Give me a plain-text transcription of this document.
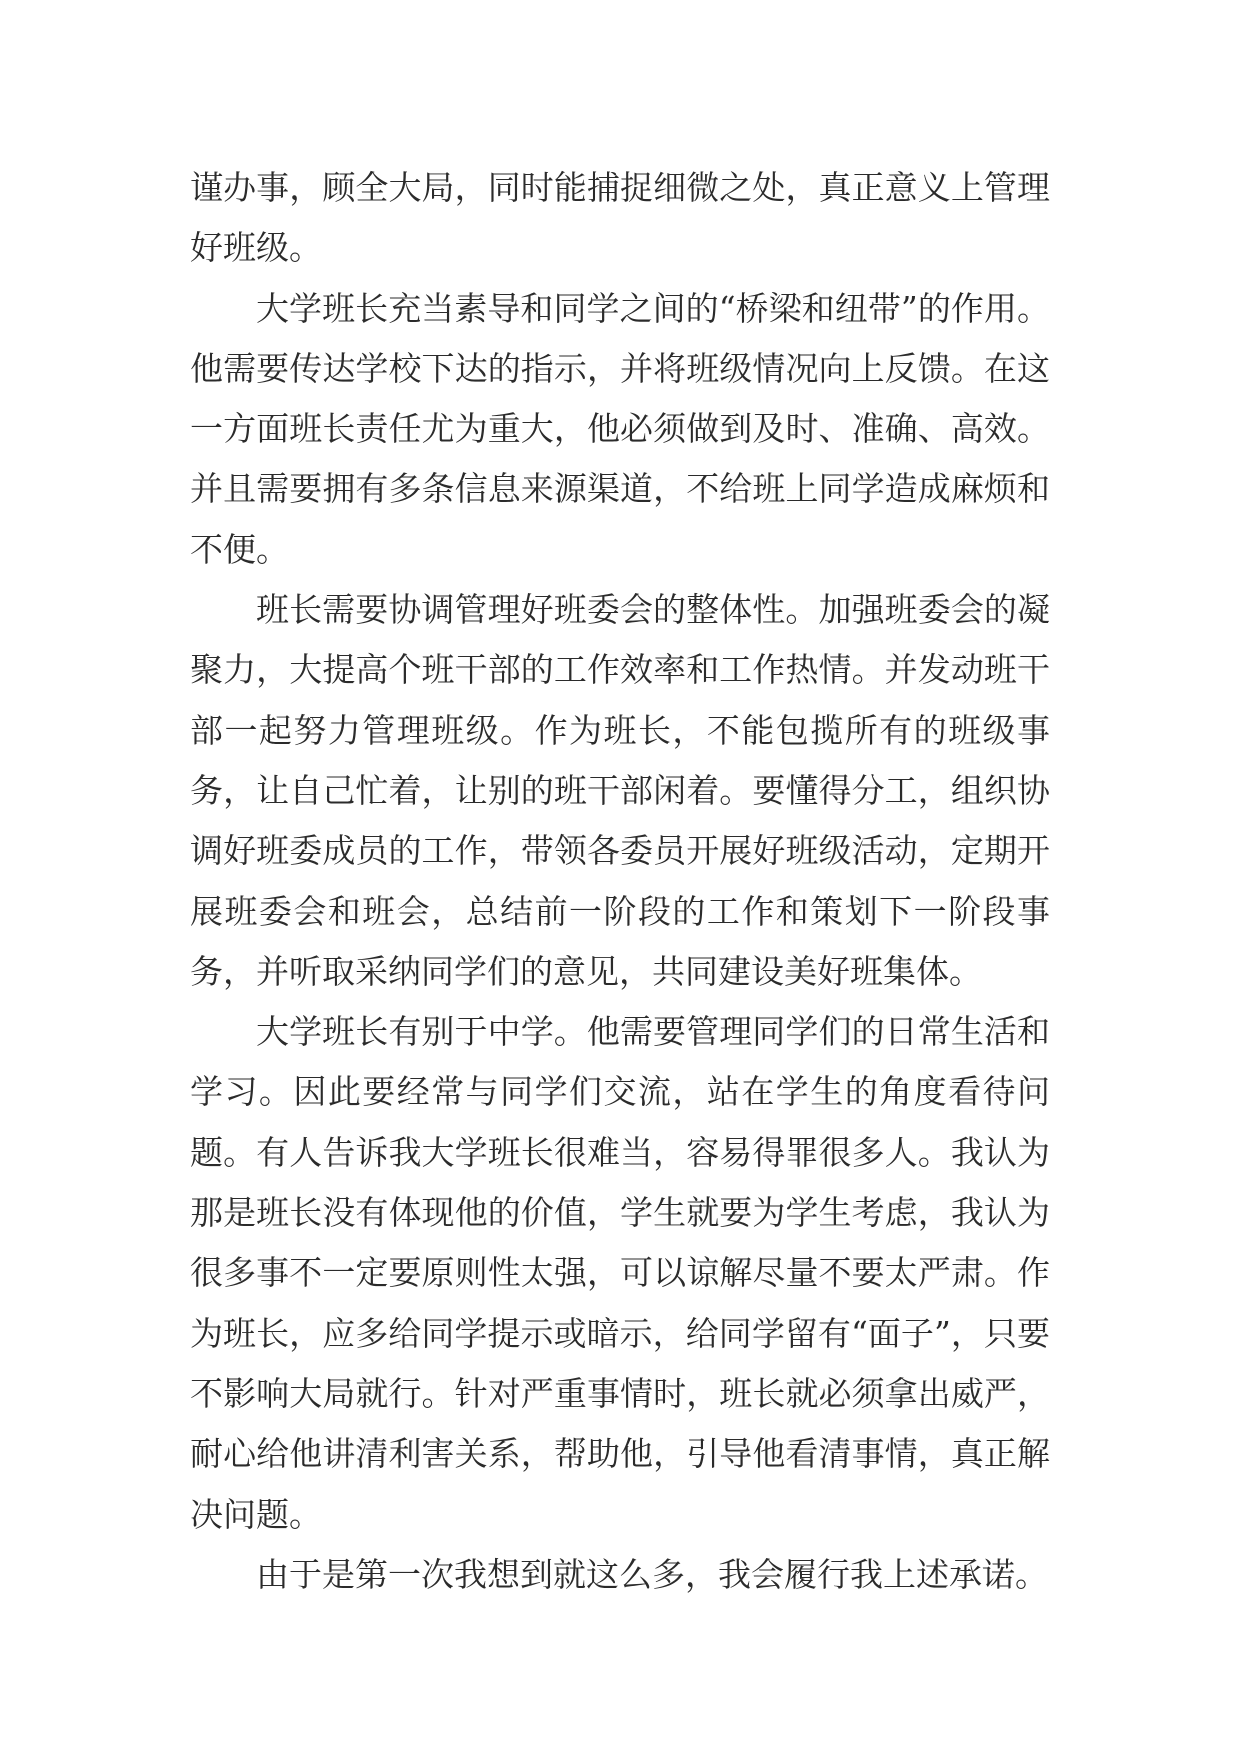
谨办事，顾全大局，同时能捕捉细微之处，真正意义上管理好班级。

大学班长充当素导和同学之间的“桥梁和纽带”的作用。他需要传达学校下达的指示，并将班级情况向上反馈。在这一方面班长责任尤为重大，他必须做到及时、准确、高效。并且需要拥有多条信息来源渠道，不给班上同学造成麻烦和不便。

班长需要协调管理好班委会的整体性。加强班委会的凝聚力，大提高个班干部的工作效率和工作热情。并发动班干部一起努力管理班级。作为班长，不能包揽所有的班级事务，让自己忙着，让别的班干部闲着。要懂得分工，组织协调好班委成员的工作，带领各委员开展好班级活动，定期开展班委会和班会，总结前一阶段的工作和策划下一阶段事务，并听取采纳同学们的意见，共同建设美好班集体。

大学班长有别于中学。他需要管理同学们的日常生活和学习。因此要经常与同学们交流，站在学生的角度看待问题。有人告诉我大学班长很难当，容易得罪很多人。我认为那是班长没有体现他的价值，学生就要为学生考虑，我认为很多事不一定要原则性太强，可以谅解尽量不要太严肃。作为班长，应多给同学提示或暗示，给同学留有“面子”，只要不影响大局就行。针对严重事情时，班长就必须拿出威严，耐心给他讲清利害关系，帮助他，引导他看清事情，真正解决问题。

由于是第一次我想到就这么多，我会履行我上述承诺。
